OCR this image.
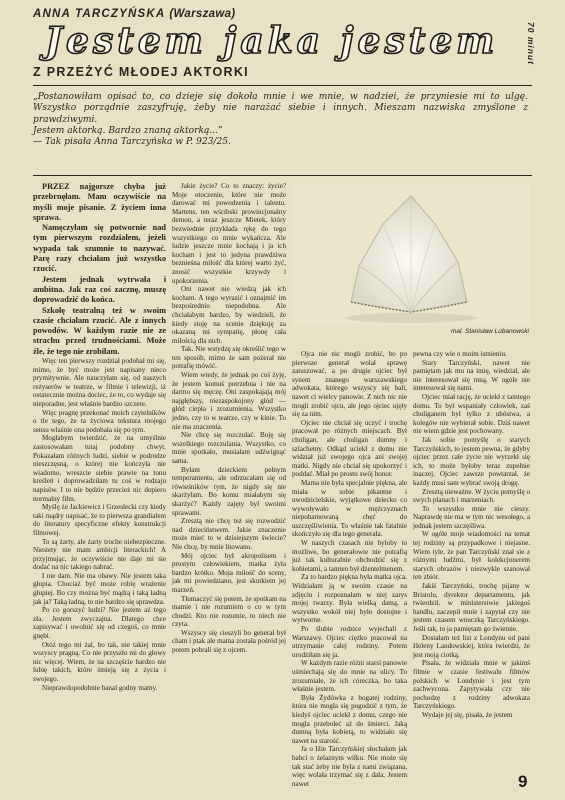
ANNA TARCZYŃSKA (Warszawa)
Jestem jaka jestem	70 minut
Z PRZEŻYĆ MŁODEJ AKTORKI

„Postanowiłam opisać to, co dzieje się dokoła mnie i we mnie, w nadziei, że przyniesie mi to ulgę. Wszystko porządnie zaszyfruję, żeby nie narażać siebie i innych. Mieszam nazwiska zmyślone z prawdziwymi.

Jestem aktorką. Bardzo znaną aktorką...”

— Tak pisała Anna Tarczyńska w P. 923/25.

PRZEZ najgorsze chyba już przebrnęłam. Mam oczywiście na myśli moje pisanie. Z życiem inna sprawa.

Namęczyłam się potwornie nad tym pierwszym rozdziałem, jeżeli wypada tak szumnie to nazywać. Parę razy chciałam już wszystko rzucić.

Jestem jednak wytrwała i ambitna. Jak raz coś zacznę, muszę doprowadzić do końca.

Szkołę teatralną też w swoim czasie chciałam rzucić. Ale z innych powodów. W każdym razie nie ze strachu przed trudnościami. Może źle, że tego nie zrobiłam.

Więc ten pierwszy rozdział podobał mi się, mimo, że być może jest napisany nieco prymitywnie. Ale nauczyłam się, od naszych reżyserów w teatrze, w filmie i telewizji, iż ostatecznie można dociec, że to, co wydaje się nieporadne, jest właśnie bardzo szczere.

Więc pragnę przekonać moich czytelników o tle tego, że ta życiowa tekstura mojego sensu właśnie ona podobała się po tym.

Mogłabym twierdzić, że na umyślnie zastosowałam tutaj podobny chwyt. Pokazałam różnych ludzi, siebie w podrodze nieszczęsną, o której nie kończyła nie wiadomo, wreszcie siebie prawie na tonu kreśleń i doprowadziłam tu coś w rodzaju napisów. I to nie będzie przecież nic dopiero normalny film.

Myślę że Jackiewicz i Grzeslecki czy kiedy taki mądry napisać, że to pierwsza grandialem do literatury specyficzne efekty konstrukcji filmowej.

To są żarty, ale żarty troche niebezpieczne. Niestety nie mam ambicji literackich! A przyjmując, że oczywiście nie daje mi sie dodać na nic takiego nabrać.

I nie dam. Nie ma obawy. Nie jestem taka głupia. Chociaż być może robię wrażenie głupiej. Bo czy można być mądrą i taką ładną jak ja? Taką ładną, to nie bardzo się sprawdza.

Po co gorszyć ludzi? Nie jestem aż tego zła. Jestem zwyczajna. Dlatego chce zapisywać i uwolnić się od czegoś, co mnie gnębi.

Otóż tego mi żal, bo tak, nie takiej mnie wszyscy pragną. Co nie przyszło mi do głowy nic więcej. Wiem, że na szczęście bardzo nie lubię takich, które śmieją się z życia i swojego.

Nieprawdopodobnie banal godny mamy.

Jakie życie? Co to znaczy: życie? Moje otoczenie, które nie może darować mi powodzenia i talentu. Martens, ten wścibski prowincjonalny demon, a teraz jeszcze Mietek, który bezwiednie przykłada rękę do tego wszystkiego co mnie wykańcza. Ale ludzie jeszcze mnie kochają i ja ich kocham i jest to jedyna prawdziwa beznieśna milość dla której warto żyć, znosić wszystkie krzywdy i upokorzenia.

Oni nawet nie wiedzą jak ich kocham. A tego wyrazić i oznajmić im bezpośrednio niepodobna. Ale chciałabym bardzo, by wiedzieli, że kiedy stoję na scenie dziękuję za okazaną mi sympatię, płonę cała miłością dla nich.

Tak. Nie wstydzę się określić tego w ten sposób, mimo że sam pożerał nie potrafię mówić.

Wiem wtedy, że jednak po coś żyję, że jestem komuś potrzebna i nie na darmo się męczę. Oni zaspokajają mój najgłębszy, niezaspokojony głód — głód ciepła i zrozumienia. Wszystko jedno, czy to w teatrze, czy w kinie. To nie ma znaczenia.

Nie chcę się rozczulać. Boję się wszelkiego rozczulania. Wszystko, co mnie spotkało, musiałam udźwignąć sama.

Byłam dzieckiem pełnym temperamentu, ale odrzucałam się od rówieśników tym, że nigdy się nie skarżyłam. Bo komu miałabym się skarżyć? Każdy zajęty był swoimi sprawami.

Zresztą nie chcę też się rozwodzić nad dzieciństwem. Jakie znaczenie może mieć to w dzisiejszym świecie? Nie chcę, by mnie litowano.

Mój ojciec był akropolisem i prostym człowiekiem, matka żyła bardzo krótko. Moja miłość do sceny, jak mi powiedziano, jest skutkiem jej marzeń.

Tłumaczyć się potem, że spotkam na mamie i nie rozumiem o co w tym chodzi. Kto nie rozumie, to niech nie czyta.

Wszyscy się cieszyli bo generał był cham i ptak ale mama została pośród jej potem pobrali się z ojcem.

mal. Stanisław Lubanowski

Ojca nie nic mogli zrobić, bo po pierwsze generał wolał sprawę zatuszować, a po drugie ojciec był synem znanego warszawskiego adwokata, którego wszyscy się bali, nawet ci wielcy panowie. Z nich nic nie mogli zrobić ojcu, ale jego ojciec ujęły się za nim.

Ojciec nie chciał się uczyć i trochę pracował po różnych miejscach. Był chuligan, ale chuligan dumny i szlachetny. Odkąd uciekł z domu nie widział już swojego ojca ani swojej matki. Nigdy nie chciał się upokorzyć i poddać. Miał po prostu swój honor.

Mama nie była specjalnie piękna, ale miała w sobie pikantne i uwodzicielskie, wyjątkowe dziecko co wywoływało w mężczyznach niepohamowaną chęć do uszczęśliwienia. To właśnie tak fatalnie skończyło się dla tego generała.

W naszych czasach nie byłoby to możliwe, bo generałowie nie potrafią już tak kulturalnie obchodzić się z kobietami, a tamten był dżentelmenem.

Za to bardzo piękna była matka ojca. Widziałam ją w swoim czasie na zdjęciu i rozpoznałam w niej zarys mojej twarzy. Była wielką damą, a wszystko wokół niej było dostojne i wytworne.

Po ślubie rodzice wyjechali z Warszawy. Ojciec ciężko pracował na utrzymanie całej rodziny. Potem urodziłam się ja.

W każdym razie różni starsi panowie uśmiechają się do mnie na ulicy. To zrozumiałe, że ich córeczka, bo taka właśnie jestem.

Była Żydówka z bogatej rodziny, która nie mogła się pogodzić z tym, że kiedyś ojciec uciekł z domu, czego nie mogła przeboleć aż do śmierci. Jaką dumną była kobietą, to widziało się nawet na starość.

Ja o Iźie Tarczyńskiej słuchałam jak babci o żelaznym wilku. Nie może się tak stać żeby nie była z nami związana, więc wolała trzymać się z dala. Jestem nawet

pewna czy wie o moim istnieniu.

Stary Tarczyński, nawet nie pamiętam jak mu na imię, wiedział, ale nie interesował się mną. W ogóle nie interesował się nami.

Ojciec miał rację, że uciekł z tamtego domu. To był wspaniały człowiek, zaś chuliganem był tylko z ubóstwa, a kolegów nie wybierał sobie. Dziś nawet nie wiem gdzie jest pochowany.

Jak sobie pomyślę o starych Tarczyńskich, to jestem pewna, że gdyby ojciec przez całe życie nie wyrzekł się ich, to może byłoby teraz zupełnie inaczej. Ojciec zawsze powtarzał, że każdy musi sam wybrać swoją drogę.

Zresztą nieważne. W życiu pomyślę o swych planach i marzeniach.

To wszystko mnie nie cieszy. Naprawdę nie ma w tym nic wesołego, a jednak jestem szczęśliwa.

W ogóle moje wiadomości na temat tej rodziny są przypadkowe i niejasne. Wiem tyle, że pan Tarczyński znał sie z różnymi ludźmi, był kolekcjonerem starych obrazów i niezwykle szanował ten zbiór.

Jakiś Tarczyński, trochę pijany w Bristolu, dyrektor departamentu, jak twierdził, w ministerstwie jakiegoś handlu, zaczepił mnie i zapytał czy nie jestem czasem wnuczką Tarczyńskiego. Jeśli tak, to ja pamiętam go świetnie.

Dostałam też list z Londynu od pani Heleny Landowskiej, która twierdzi, że jest moją ciotką.

Pisała, że widziała mnie w jakimś filmie w czasie festiwalu filmów polskich w Londynie i jest tym zachwycona. Zapytywała czy nie pochodzę z rodziny adwokata Tarczyńskiego.

Wydaje jej się, pisała, że jestem

9
